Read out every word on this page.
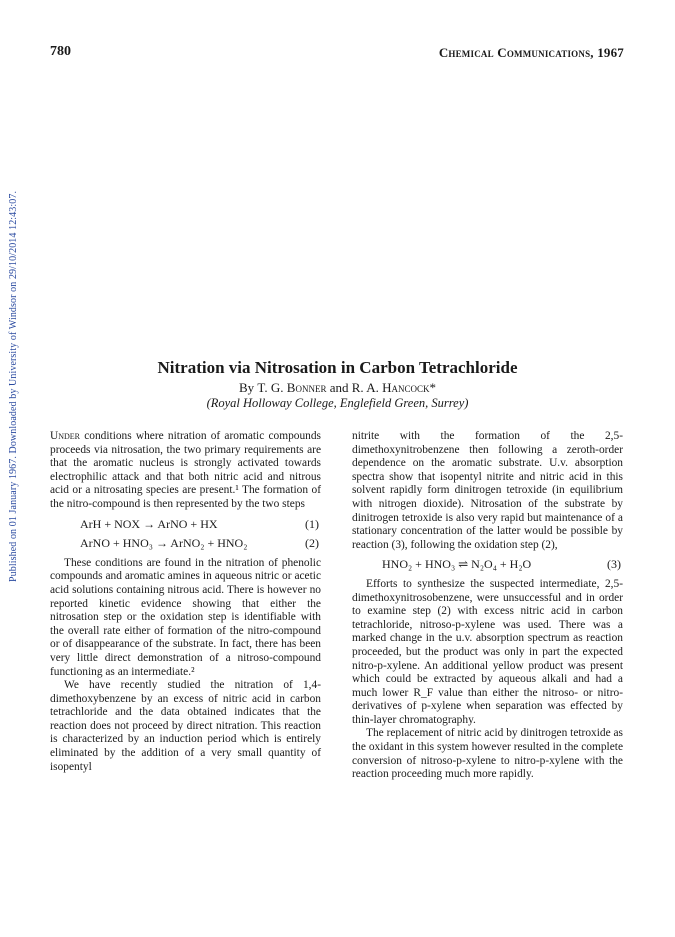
780	Chemical Communications, 1967
Published on 01 January 1967. Downloaded by University of Windsor on 29/10/2014 12:43:07.	Nitration via Nitrosation in Carbon Tetrachloride
By T. G. Bonner and R. A. Hancock*
(Royal Holloway College, Englefield Green, Surrey)

Under conditions where nitration of aromatic compounds proceeds via nitrosation, the two primary requirements are that the aromatic nucleus is strongly activated towards electrophilic attack and that both nitric acid and nitrous acid or a nitrosating species are present.¹ The formation of the nitro-compound is then represented by the two steps

ArH + NOX → ArNO + HX	(1)
ArNO + HNO₃ → ArNO₂ + HNO₂	(2)

These conditions are found in the nitration of phenolic compounds and aromatic amines in aqueous nitric or acetic acid solutions containing nitrous acid. There is however no reported kinetic evidence showing that either the nitrosation step or the oxidation step is identifiable with the overall rate either of formation of the nitro-compound or of disappearance of the substrate. In fact, there has been very little direct demonstration of a nitroso-compound functioning as an intermediate.²

We have recently studied the nitration of 1,4-dimethoxybenzene by an excess of nitric acid in carbon tetrachloride and the data obtained indicates that the reaction does not proceed by direct nitration. This reaction is characterized by an induction period which is entirely eliminated by the addition of a very small quantity of isopentyl

nitrite with the formation of the 2,5-dimethoxynitrobenzene then following a zeroth-order dependence on the aromatic substrate. U.v. absorption spectra show that isopentyl nitrite and nitric acid in this solvent rapidly form dinitrogen tetroxide (in equilibrium with nitrogen dioxide). Nitrosation of the substrate by dinitrogen tetroxide is also very rapid but maintenance of a stationary concentration of the latter would be possible by reaction (3), following the oxidation step (2),

HNO₂ + HNO₃ ⇌ N₂O₄ + H₂O	(3)

Efforts to synthesize the suspected intermediate, 2,5-dimethoxynitrosobenzene, were unsuccessful and in order to examine step (2) with excess nitric acid in carbon tetrachloride, nitroso-p-xylene was used. There was a marked change in the u.v. absorption spectrum as reaction proceeded, but the product was only in part the expected nitro-p-xylene. An additional yellow product was present which could be extracted by aqueous alkali and had a much lower R_F value than either the nitroso- or nitro-derivatives of p-xylene when separation was effected by thin-layer chromatography.

The replacement of nitric acid by dinitrogen tetroxide as the oxidant in this system however resulted in the complete conversion of nitroso-p-xylene to nitro-p-xylene with the reaction proceeding much more rapidly.
